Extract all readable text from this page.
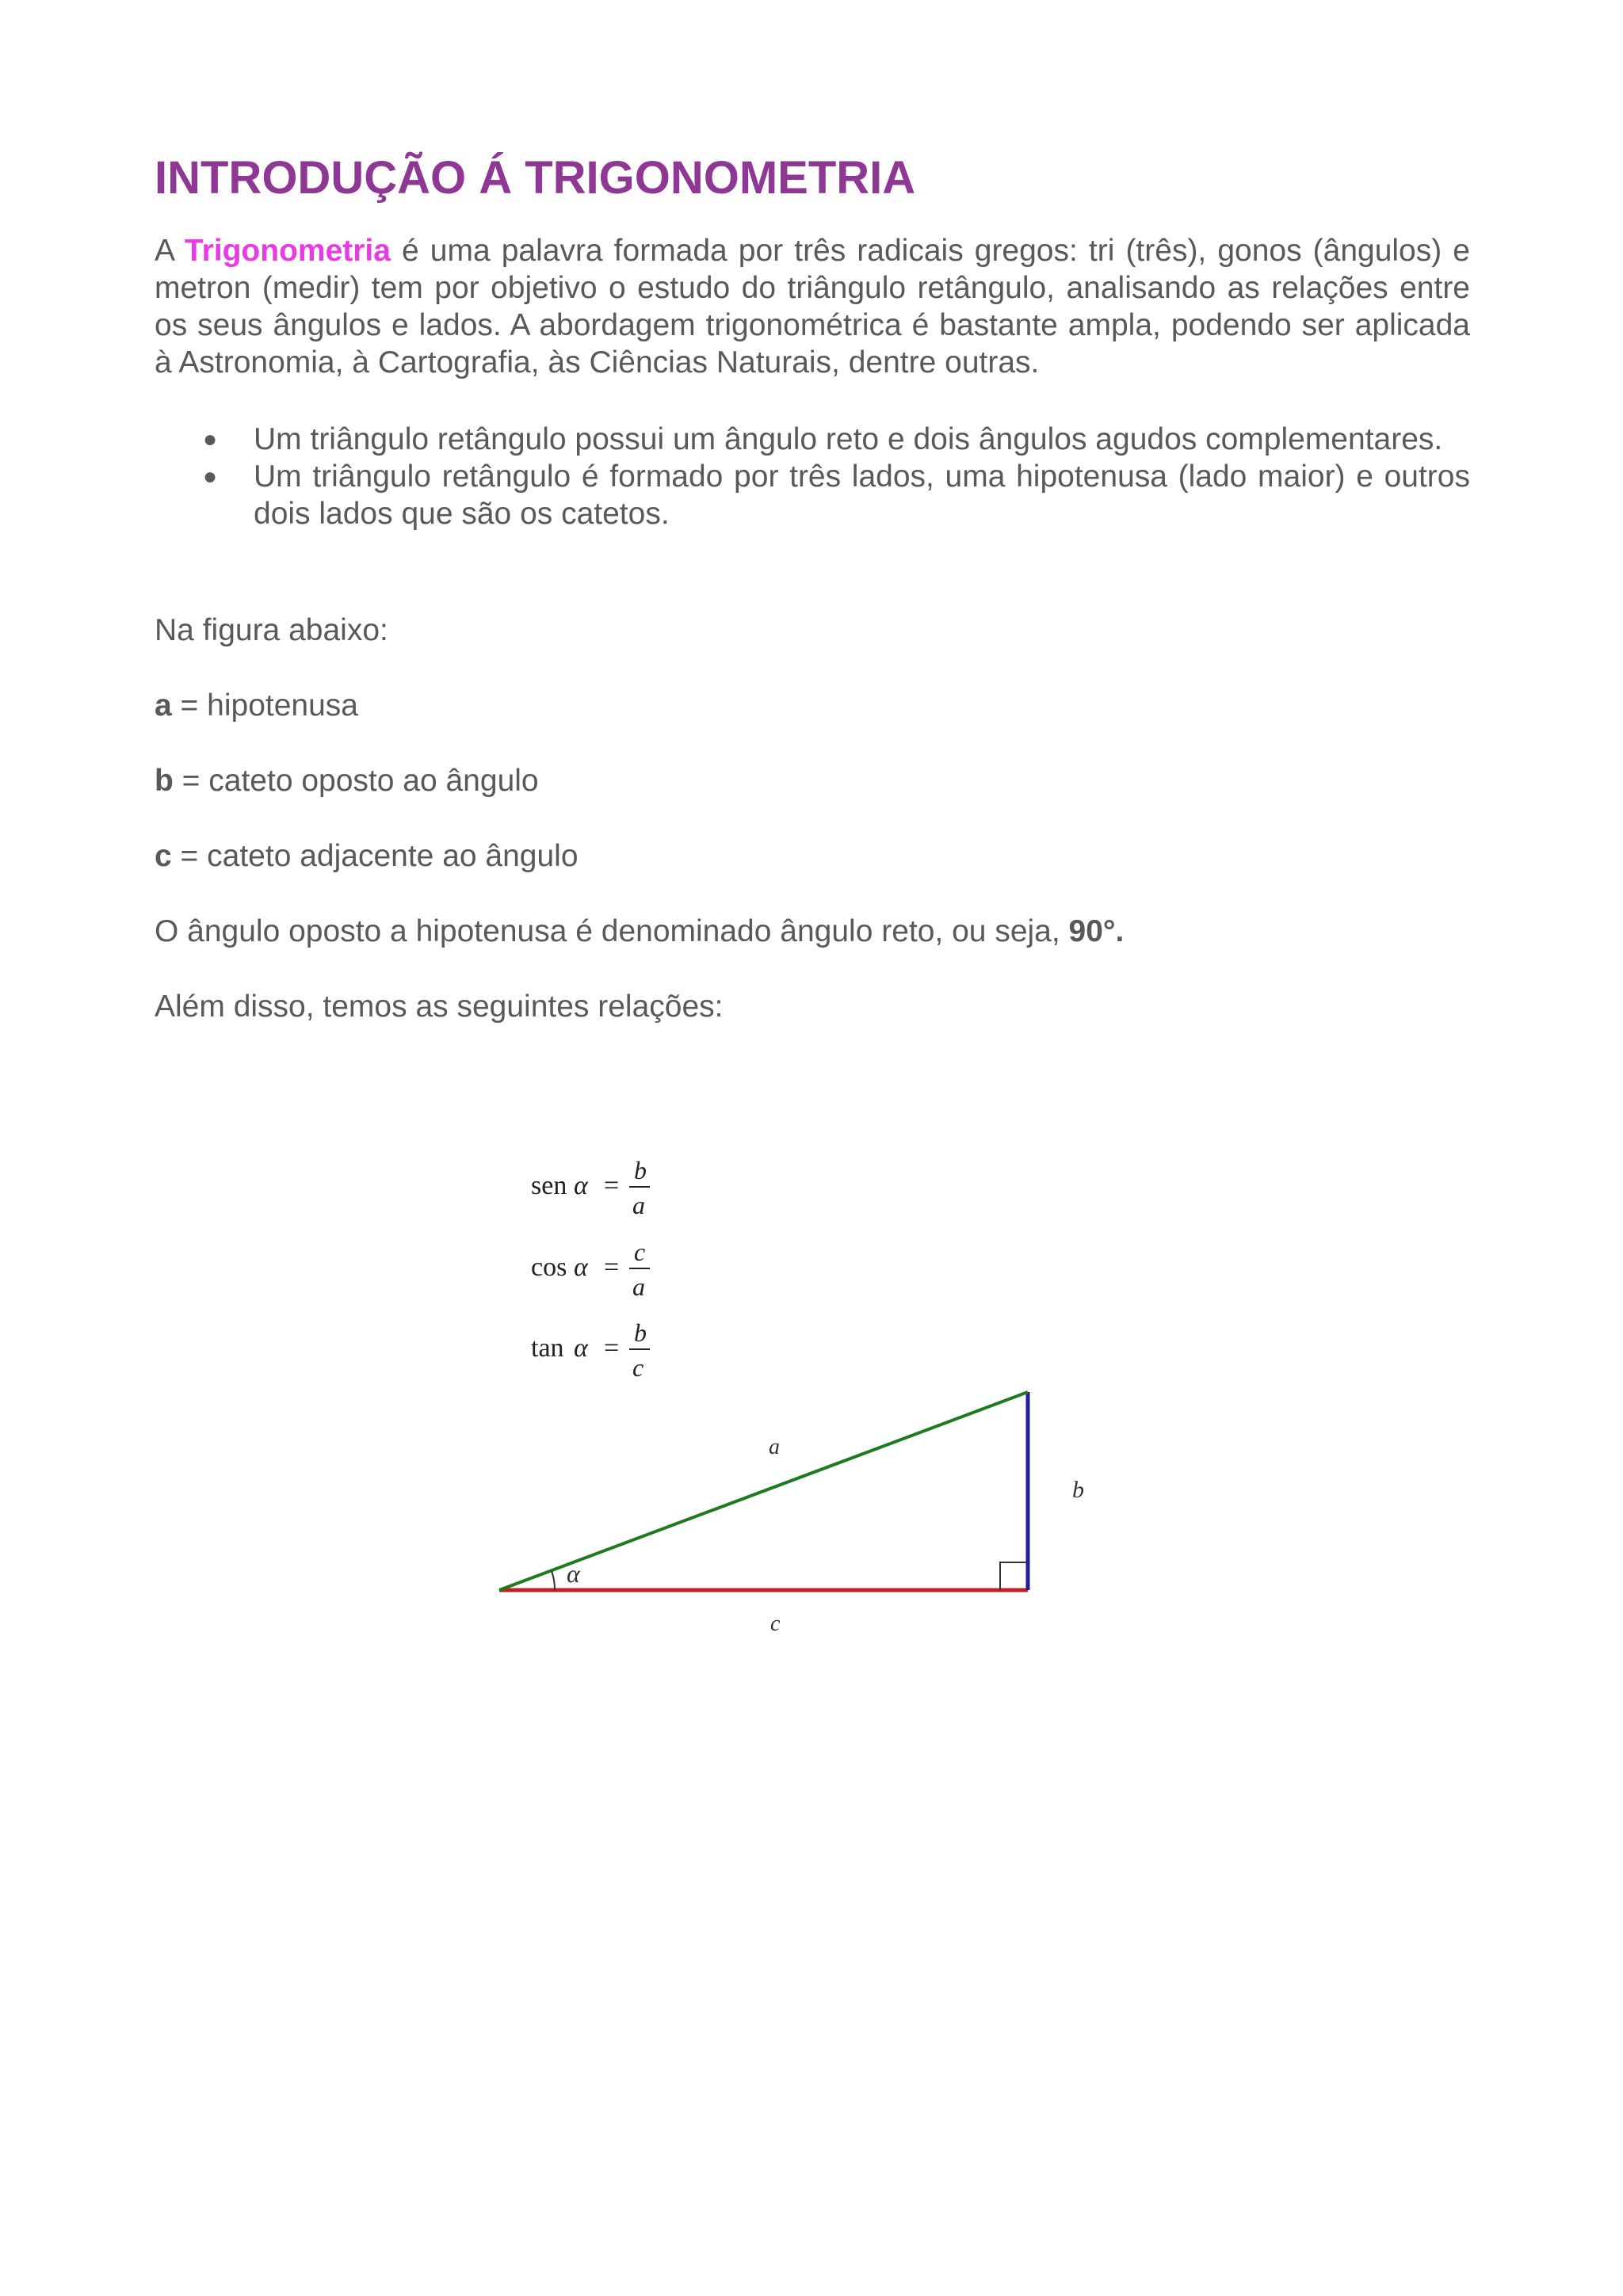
INTRODUÇÃO Á TRIGONOMETRIA

A Trigonometria é uma palavra formada por três radicais gregos: tri (três), gonos (ângulos) e metron (medir) tem por objetivo o estudo do triângulo retângulo, analisando as relações entre os seus ângulos e lados. A abordagem trigonométrica é bastante ampla, podendo ser aplicada à Astronomia, à Cartografia, às Ciências Naturais, dentre outras.

● Um triângulo retângulo possui um ângulo reto e dois ângulos agudos complementares.
● Um triângulo retângulo é formado por três lados, uma hipotenusa (lado maior) e outros dois lados que são os catetos.

Na figura abaixo:

a = hipotenusa

b = cateto oposto ao ângulo

c = cateto adjacente ao ângulo

O ângulo oposto a hipotenusa é denominado ângulo reto, ou seja, 90°.

Além disso, temos as seguintes relações:

sen α =
b
a
cos α =
c
a
tan α =
b
c
a
b
c
α
